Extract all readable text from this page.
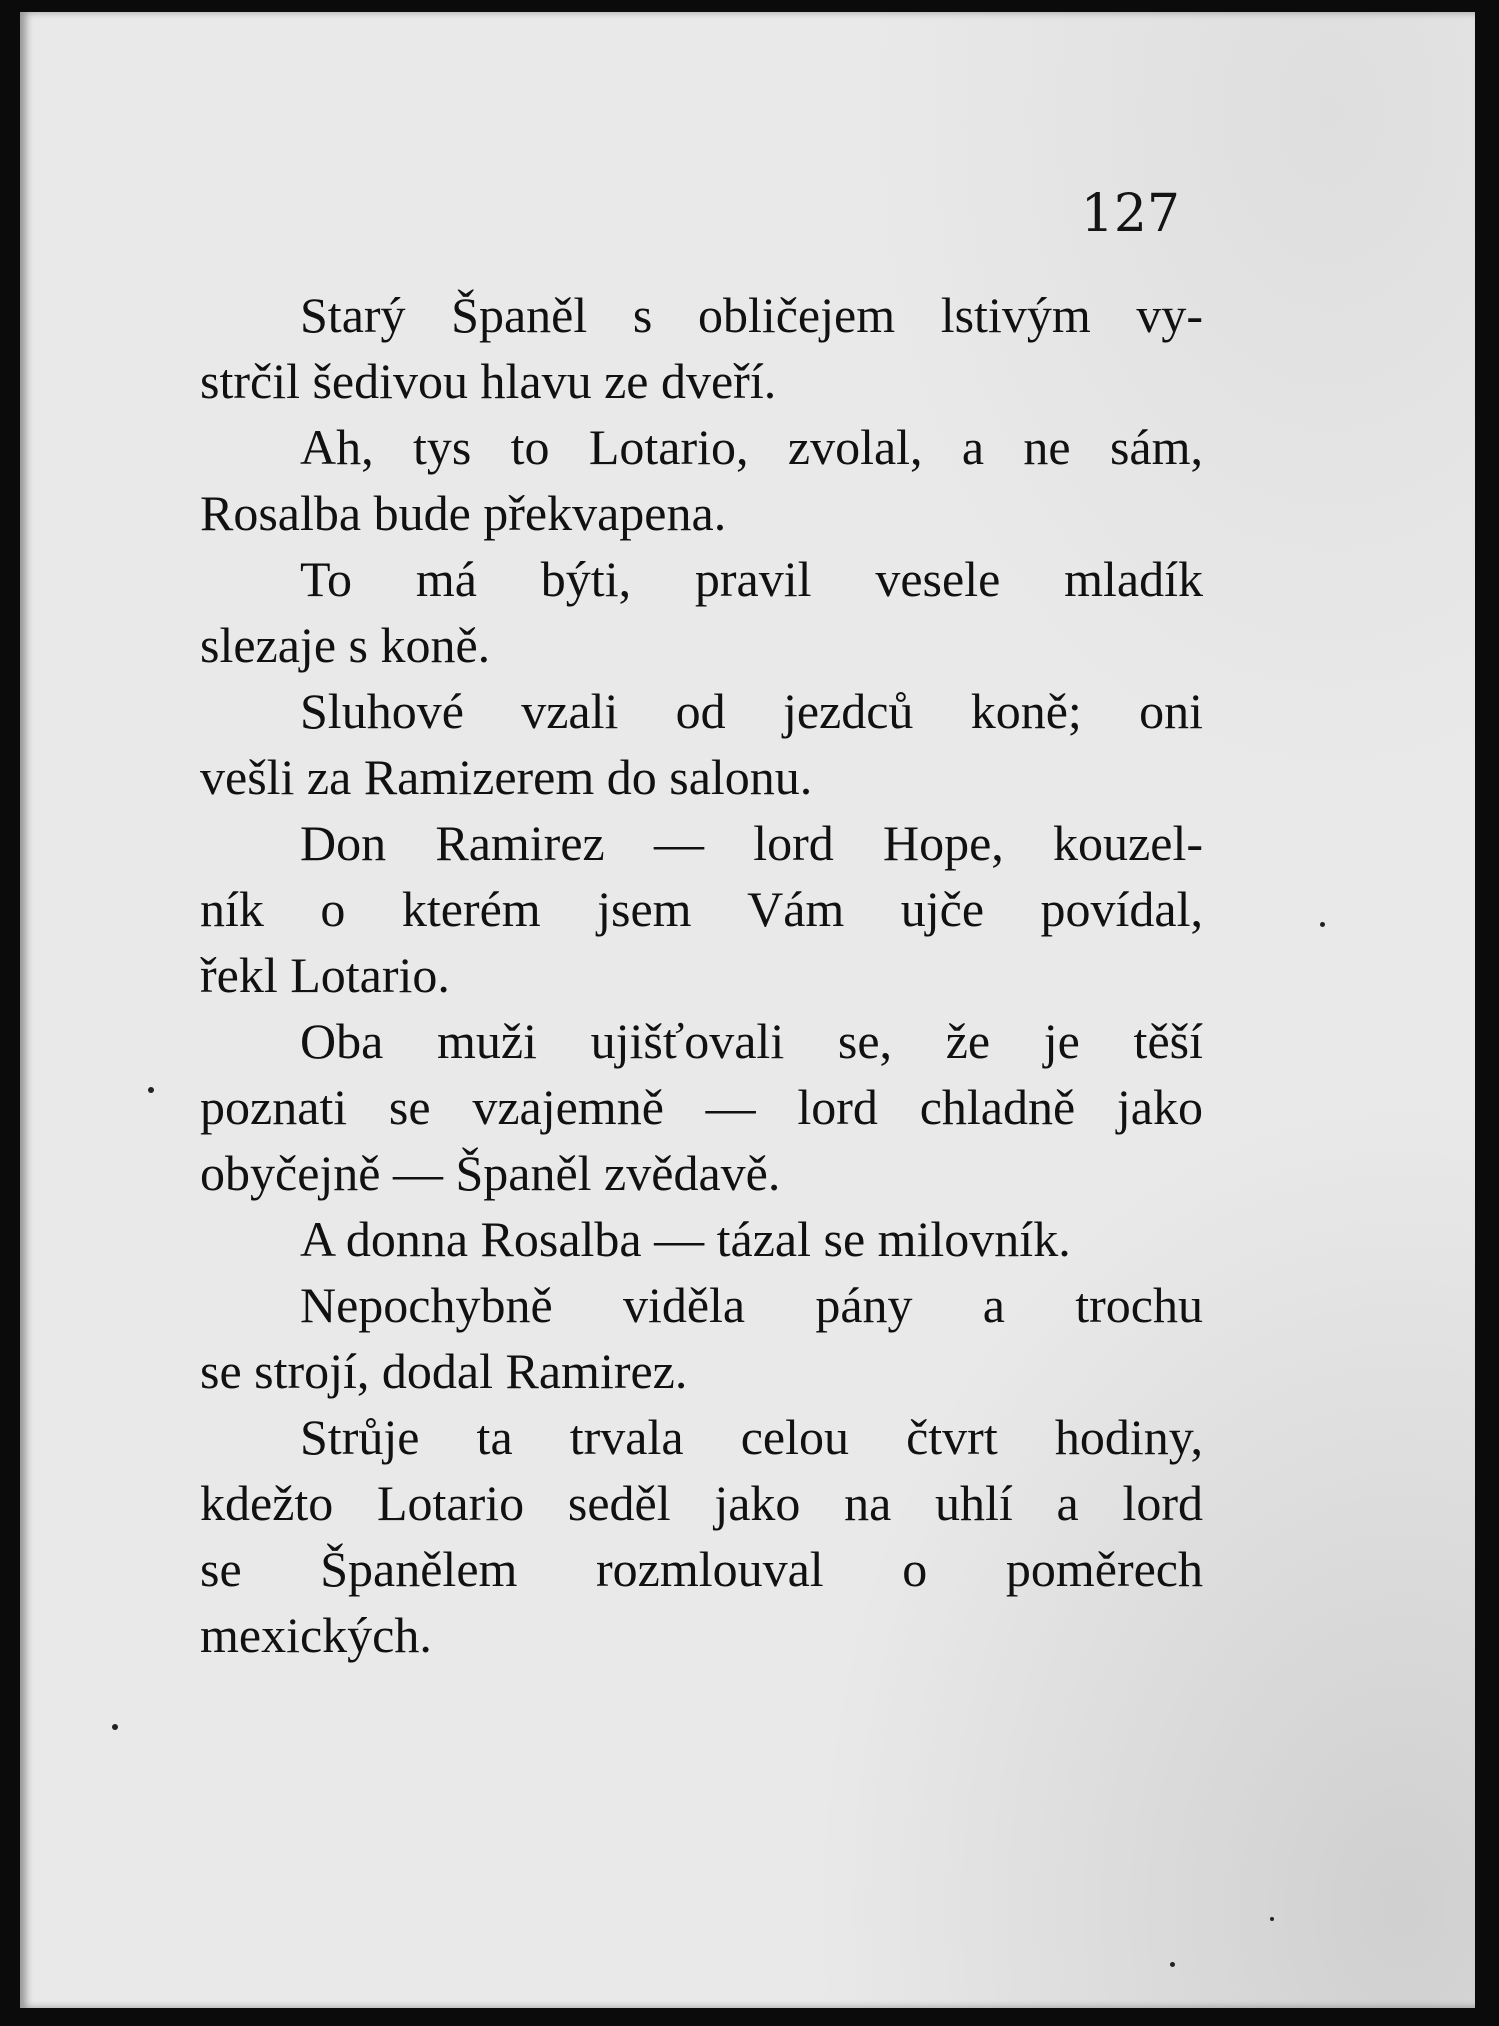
127
Starý Španěl s obličejem lstivým vy-
strčil šedivou hlavu ze dveří.
Ah, tys to Lotario, zvolal, a ne sám,
Rosalba bude překvapena.
To má býti, pravil vesele mladík
slezaje s koně.
Sluhové vzali od jezdců koně; oni
vešli za Ramizerem do salonu.
Don Ramirez — lord Hope, kouzel-
ník o kterém jsem Vám ujče povídal,
řekl Lotario.
Oba muži ujišťovali se, že je těší
poznati se vzajemně — lord chladně jako
obyčejně — Španěl zvědavě.
A donna Rosalba — tázal se milovník.
Nepochybně viděla pány a trochu
se strojí, dodal Ramirez.
Strůje ta trvala celou čtvrt hodiny,
kdežto Lotario seděl jako na uhlí a lord
se Španělem rozmlouval o poměrech
mexických.
